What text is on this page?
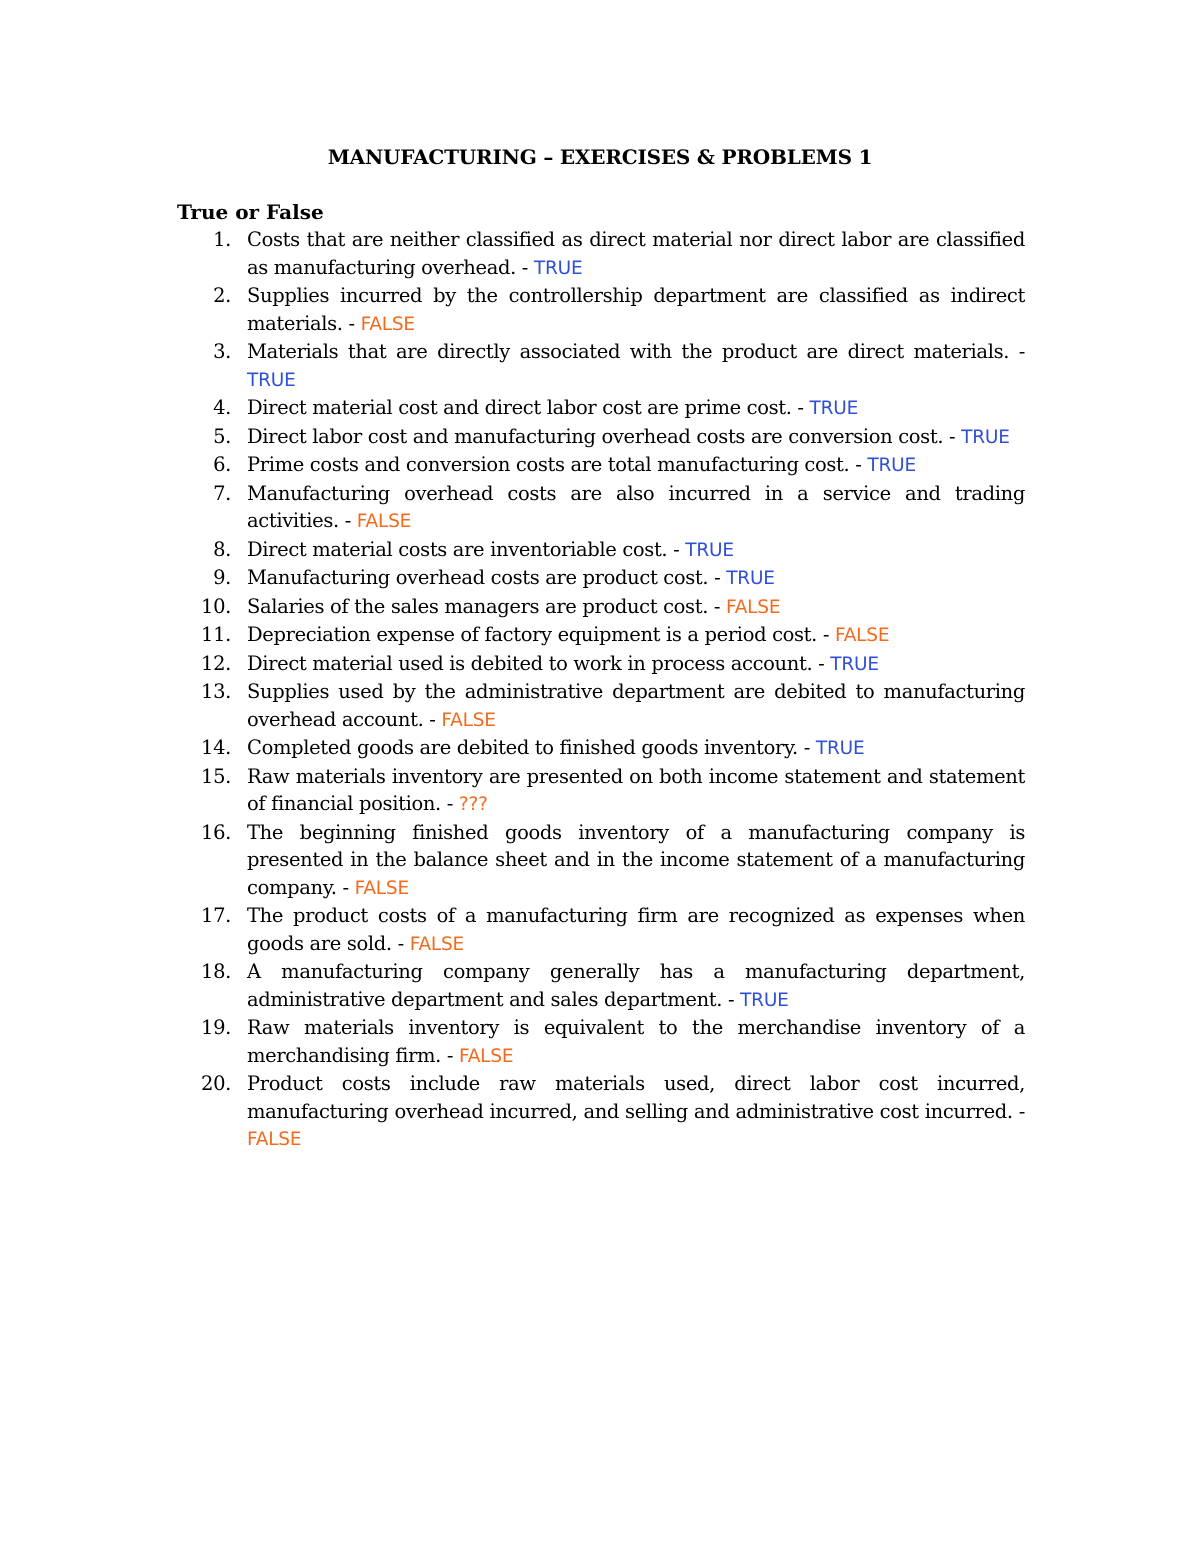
MANUFACTURING – EXERCISES & PROBLEMS 1
True or False
1. Costs that are neither classified as direct material nor direct labor are classified as manufacturing overhead. - TRUE
2. Supplies incurred by the controllership department are classified as indirect materials. - FALSE
3. Materials that are directly associated with the product are direct materials. - TRUE
4. Direct material cost and direct labor cost are prime cost. - TRUE
5. Direct labor cost and manufacturing overhead costs are conversion cost. - TRUE
6. Prime costs and conversion costs are total manufacturing cost. - TRUE
7. Manufacturing overhead costs are also incurred in a service and trading activities. - FALSE
8. Direct material costs are inventoriable cost. - TRUE
9. Manufacturing overhead costs are product cost. - TRUE
10. Salaries of the sales managers are product cost. - FALSE
11. Depreciation expense of factory equipment is a period cost. - FALSE
12. Direct material used is debited to work in process account. - TRUE
13. Supplies used by the administrative department are debited to manufacturing overhead account. - FALSE
14. Completed goods are debited to finished goods inventory. - TRUE
15. Raw materials inventory are presented on both income statement and statement of financial position. - ???
16. The beginning finished goods inventory of a manufacturing company is presented in the balance sheet and in the income statement of a manufacturing company. - FALSE
17. The product costs of a manufacturing firm are recognized as expenses when goods are sold. - FALSE
18. A manufacturing company generally has a manufacturing department, administrative department and sales department. - TRUE
19. Raw materials inventory is equivalent to the merchandise inventory of a merchandising firm. - FALSE
20. Product costs include raw materials used, direct labor cost incurred, manufacturing overhead incurred, and selling and administrative cost incurred. - FALSE
